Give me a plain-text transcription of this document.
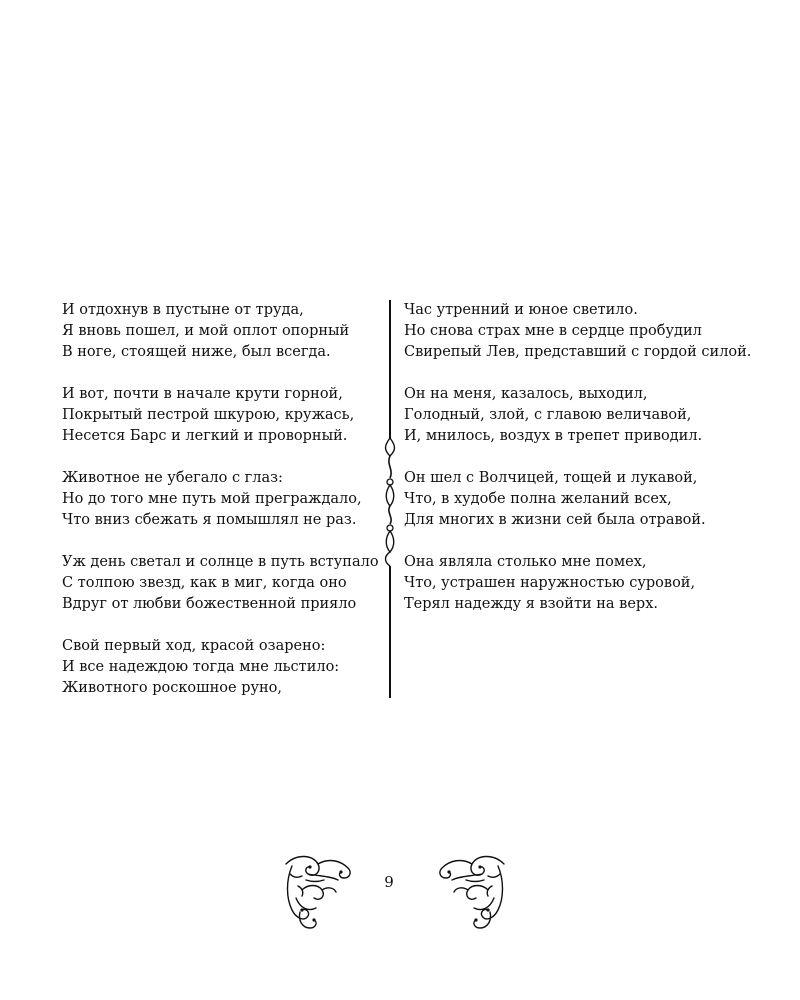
И отдохнув в пустыне от труда,
Я вновь пошел, и мой оплот опорный
В ноге, стоящей ниже, был всегда.
И вот, почти в начале крути горной,
Покрытый пестрой шкурою, кружась,
Несется Барс и легкий и проворный.
Животное не убегало с глаз:
Но до того мне путь мой преграждало,
Что вниз сбежать я помышлял не раз.
Уж день светал и солнце в путь вступало
С толпою звезд, как в миг, когда оно
Вдруг от любви божественной прияло
Свой первый ход, красой озарено:
И все надеждою тогда мне льстило:
Животного роскошное руно,
Час утренний и юное светило.
Но снова страх мне в сердце пробудил
Свирепый Лев, представший с гордой силой.
Он на меня, казалось, выходил,
Голодный, злой, с главою величавой,
И, мнилось, воздух в трепет приводил.
Он шел с Волчицей, тощей и лукавой,
Что, в худобе полна желаний всех,
Для многих в жизни сей была отравой.
Она являла столько мне помех,
Что, устрашен наружностью суровой,
Терял надежду я взойти на верх.
9
